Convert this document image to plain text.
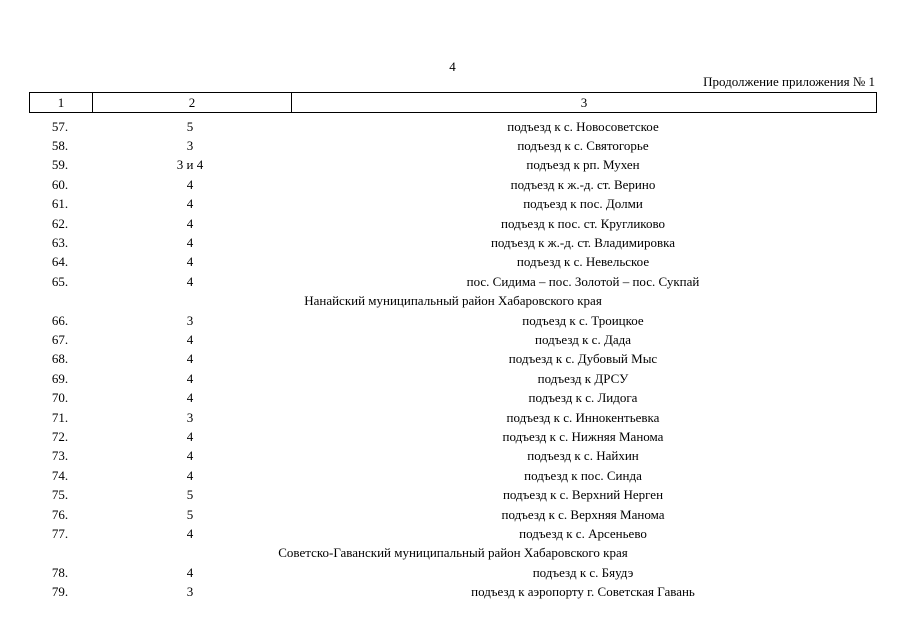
4
Продолжение приложения № 1
1	2	3
57.	5	подъезд к с. Новосоветское
58.	3	подъезд к с. Святогорье
59.	3 и 4	подъезд к рп. Мухен
60.	4	подъезд к ж.-д. ст. Верино
61.	4	подъезд к пос. Долми
62.	4	подъезд к пос. ст. Кругликово
63.	4	подъезд к ж.-д. ст. Владимировка
64.	4	подъезд к с. Невельское
65.	4	пос. Сидима – пос. Золотой – пос. Сукпай
Нанайский муниципальный район Хабаровского края
66.	3	подъезд к с. Троицкое
67.	4	подъезд к с. Дада
68.	4	подъезд к с. Дубовый Мыс
69.	4	подъезд к ДРСУ
70.	4	подъезд к с. Лидога
71.	3	подъезд к с. Иннокентьевка
72.	4	подъезд к с. Нижняя Манома
73.	4	подъезд к с. Найхин
74.	4	подъезд к пос. Синда
75.	5	подъезд к с. Верхний Нерген
76.	5	подъезд к с. Верхняя Манома
77.	4	подъезд к с. Арсеньево
Советско-Гаванский муниципальный район Хабаровского края
78.	4	подъезд к с. Бяудэ
79.	3	подъезд к аэропорту г. Советская Гавань
